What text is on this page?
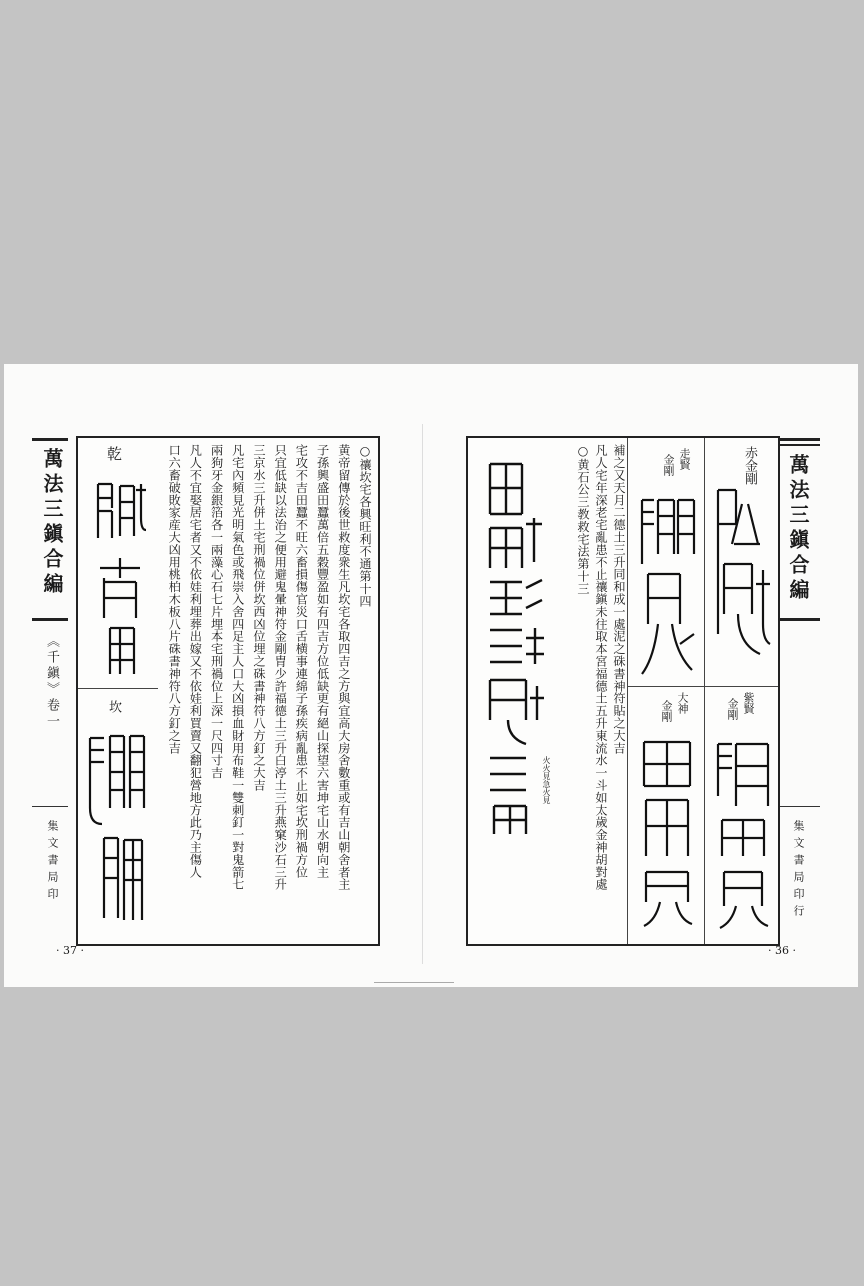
○禳坎宅各興旺利不通第十四
黄帝留傳於後世救度衆生凡坎宅各取四吉之方與宜高大房舍數重或有吉山朝舍者主
子孫興盛田蠶萬倍五穀豐盈如有四吉方位低缺更有絕山探望六害坤宅山水朝向主
宅攻不吉田蠶不旺六畜損傷官災口舌横事連綿子孫疾病亂患不止如宅坎刑禍方位
只宜低缺以法治之便用避鬼暈神符金剛胄少許福德土三升白渟土三升燕窠沙石三升
三京水三升併土宅刑禍位併坎西凶位埋之硃書神符八方釘之大吉
凡宅內頻見光明氣色或飛崇入舍四足主人口大凶損血財用布鞋一雙刺釘一對鬼箭七
兩狗牙金銀箔各一兩藻心石七片埋本宅刑禍位上深一尺四寸吉
凡人不宜娶居宅者又不依娃利埋葬出嫁又不依娃利買賣又翻犯營地方此乃主傷人
口六畜破敗家産大凶用桃柏木板八片硃書神符八方釘之吉
乾
坎
萬法三鎭合編
《千鎭》卷一
集文書局印
· 37 ·
○黄石公三教救宅法第十三 凡人宅年深老宅亂患不止禳鎭未往取本宮福德土五升東流水一斗如太歲金神胡對處 補之又天月二德土三升同和成一處泥之硃書神符貼之大吉	赤金剛
走賢
金剛
紫賢
金剛
大神
金剛
火火見急火見
萬法三鎭合編
集文書局印行
· 36 ·
